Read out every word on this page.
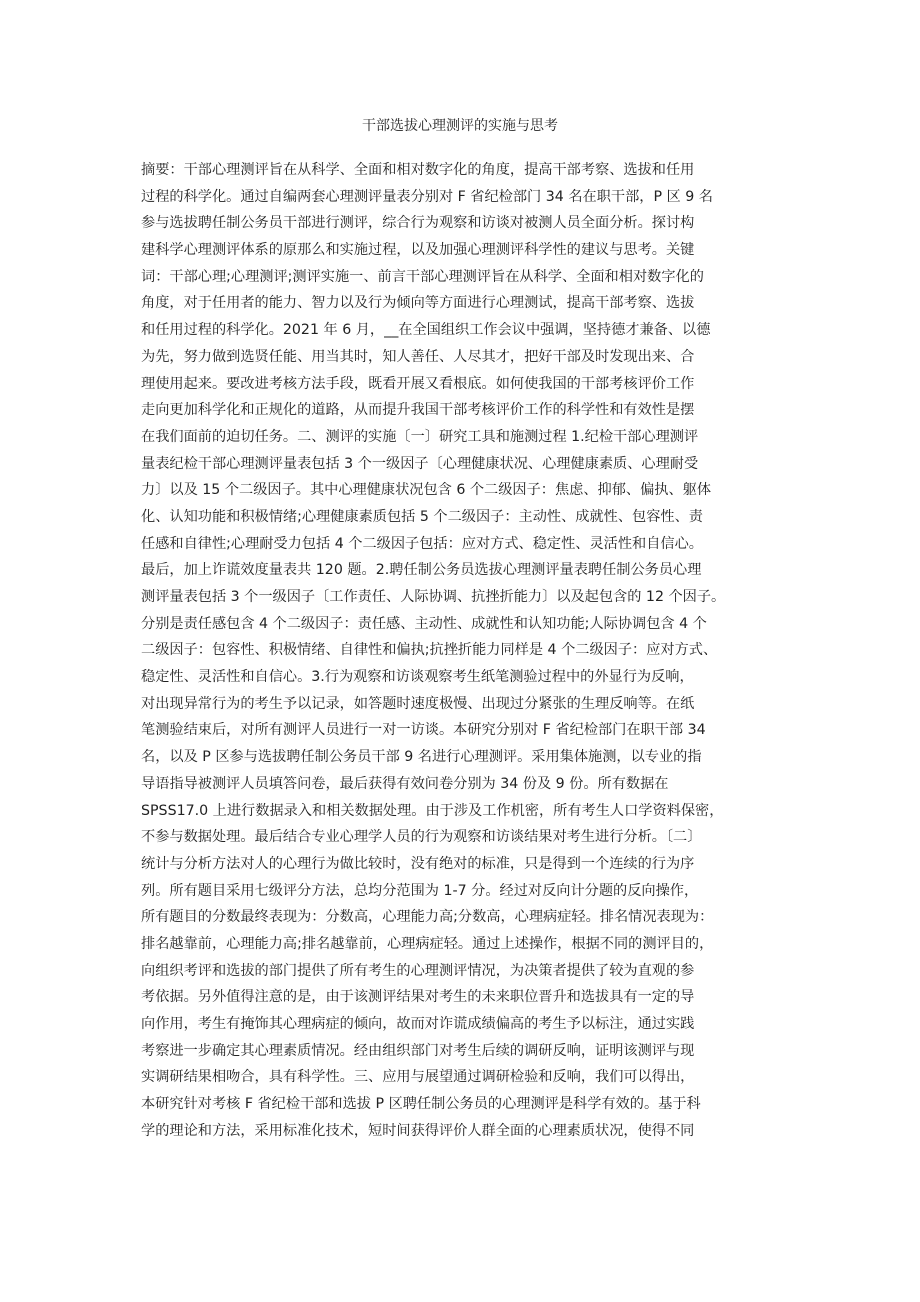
干部选拔心理测评的实施与思考
摘要：干部心理测评旨在从科学、全面和相对数字化的角度，提高干部考察、选拔和任用
过程的科学化。通过自编两套心理测评量表分别对 F 省纪检部门 34 名在职干部，P 区 9 名
参与选拔聘任制公务员干部进行测评，综合行为观察和访谈对被测人员全面分析。探讨构
建科学心理测评体系的原那么和实施过程，以及加强心理测评科学性的建议与思考。关键
词：干部心理;心理测评;测评实施一、前言干部心理测评旨在从科学、全面和相对数字化的
角度，对于任用者的能力、智力以及行为倾向等方面进行心理测试，提高干部考察、选拔
和任用过程的科学化。2021 年 6 月，__在全国组织工作会议中强调，坚持德才兼备、以德
为先，努力做到选贤任能、用当其时，知人善任、人尽其才，把好干部及时发现出来、合
理使用起来。要改进考核方法手段，既看开展又看根底。如何使我国的干部考核评价工作
走向更加科学化和正规化的道路，从而提升我国干部考核评价工作的科学性和有效性是摆
在我们面前的迫切任务。二、测评的实施〔一〕研究工具和施测过程 1.纪检干部心理测评
量表纪检干部心理测评量表包括 3 个一级因子〔心理健康状况、心理健康素质、心理耐受
力〕以及 15 个二级因子。其中心理健康状况包含 6 个二级因子：焦虑、抑郁、偏执、躯体
化、认知功能和积极情绪;心理健康素质包括 5 个二级因子：主动性、成就性、包容性、责
任感和自律性;心理耐受力包括 4 个二级因子包括：应对方式、稳定性、灵活性和自信心。
最后，加上诈谎效度量表共 120 题。2.聘任制公务员选拔心理测评量表聘任制公务员心理
测评量表包括 3 个一级因子〔工作责任、人际协调、抗挫折能力〕以及起包含的 12 个因子。
分别是责任感包含 4 个二级因子：责任感、主动性、成就性和认知功能;人际协调包含 4 个
二级因子：包容性、积极情绪、自律性和偏执;抗挫折能力同样是 4 个二级因子：应对方式、
稳定性、灵活性和自信心。3.行为观察和访谈观察考生纸笔测验过程中的外显行为反响，
对出现异常行为的考生予以记录，如答题时速度极慢、出现过分紧张的生理反响等。在纸
笔测验结束后，对所有测评人员进行一对一访谈。本研究分别对 F 省纪检部门在职干部 34
名，以及 P 区参与选拔聘任制公务员干部 9 名进行心理测评。采用集体施测，以专业的指
导语指导被测评人员填答问卷，最后获得有效问卷分别为 34 份及 9 份。所有数据在
SPSS17.0 上进行数据录入和相关数据处理。由于涉及工作机密，所有考生人口学资料保密，
不参与数据处理。最后结合专业心理学人员的行为观察和访谈结果对考生进行分析。〔二〕
统计与分析方法对人的心理行为做比较时，没有绝对的标准，只是得到一个连续的行为序
列。所有题目采用七级评分方法，总均分范围为 1-7 分。经过对反向计分题的反向操作，
所有题目的分数最终表现为：分数高，心理能力高;分数高，心理病症轻。排名情况表现为：
排名越靠前，心理能力高;排名越靠前，心理病症轻。通过上述操作，根据不同的测评目的，
向组织考评和选拔的部门提供了所有考生的心理测评情况，为决策者提供了较为直观的参
考依据。另外值得注意的是，由于该测评结果对考生的未来职位晋升和选拔具有一定的导
向作用，考生有掩饰其心理病症的倾向，故而对诈谎成绩偏高的考生予以标注，通过实践
考察进一步确定其心理素质情况。经由组织部门对考生后续的调研反响，证明该测评与现
实调研结果相吻合，具有科学性。三、应用与展望通过调研检验和反响，我们可以得出，
本研究针对考核 F 省纪检干部和选拔 P 区聘任制公务员的心理测评是科学有效的。基于科
学的理论和方法，采用标准化技术，短时间获得评价人群全面的心理素质状况，使得不同
